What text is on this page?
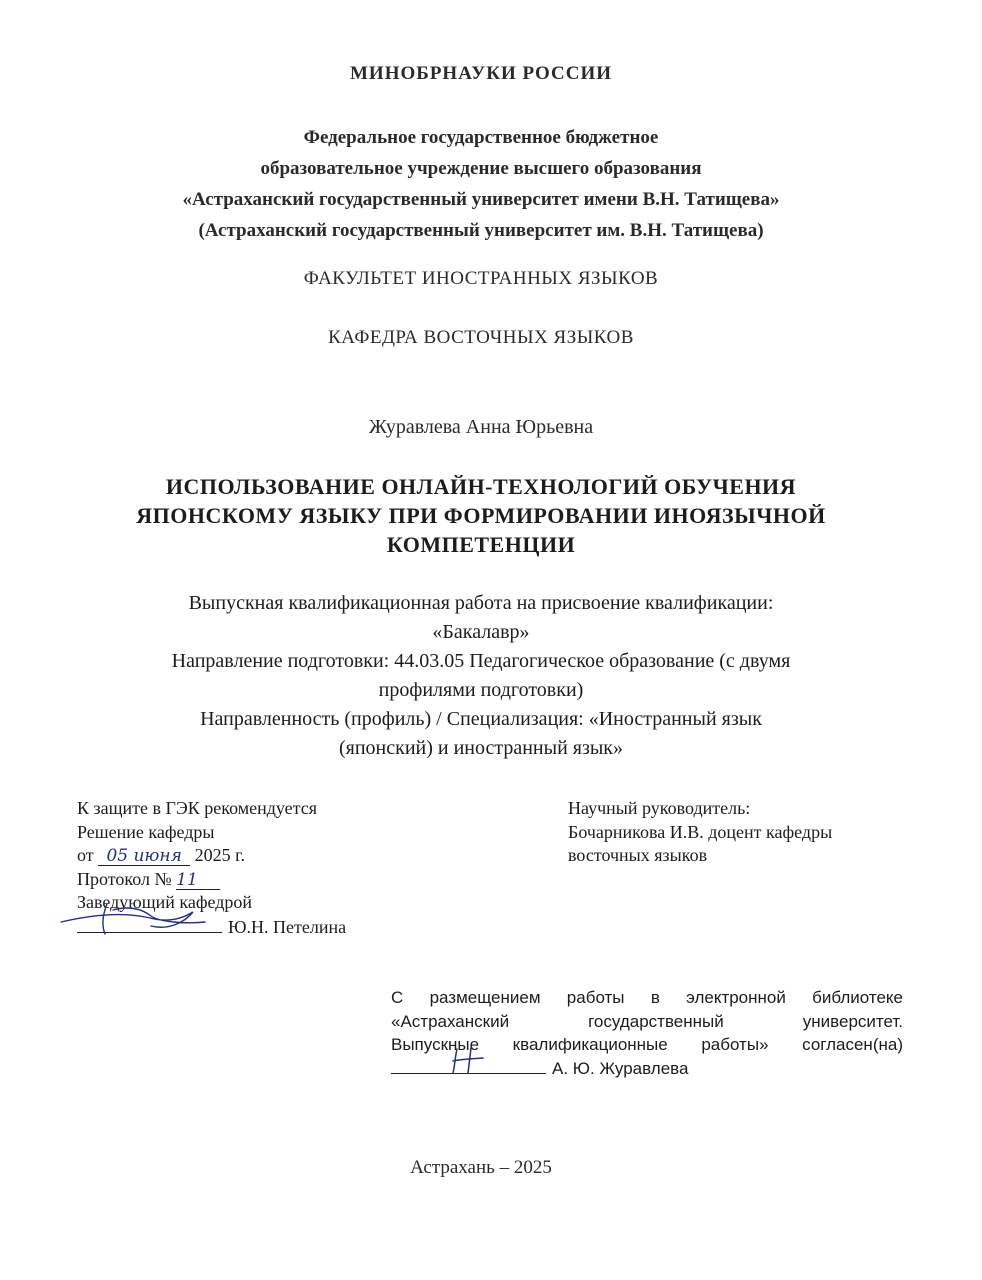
МИНОБРНАУКИ РОССИИ
Федеральное государственное бюджетное
образовательное учреждение высшего образования
«Астраханский государственный университет имени В.Н. Татищева»
(Астраханский государственный университет им. В.Н. Татищева)
ФАКУЛЬТЕТ ИНОСТРАННЫХ ЯЗЫКОВ
КАФЕДРА ВОСТОЧНЫХ ЯЗЫКОВ
Журавлева Анна Юрьевна
ИСПОЛЬЗОВАНИЕ ОНЛАЙН-ТЕХНОЛОГИЙ ОБУЧЕНИЯ
ЯПОНСКОМУ ЯЗЫКУ ПРИ ФОРМИРОВАНИИ ИНОЯЗЫЧНОЙ
КОМПЕТЕНЦИИ
Выпускная квалификационная работа на присвоение квалификации:
«Бакалавр»
Направление подготовки: 44.03.05 Педагогическое образование (с двумя
профилями подготовки)
Направленность (профиль) / Специализация: «Иностранный язык
(японский) и иностранный язык»
К защите в ГЭК рекомендуется
Решение кафедры
от 05 июня 2025 г.
Протокол № 11
Заведующий кафедрой
Ю.Н. Петелина
Научный руководитель:
Бочарникова И.В. доцент кафедры
восточных языков
С размещением работы в электронной библиотеке
«Астраханский государственный университет.
Выпускные квалификационные работы» согласен(на)
А. Ю. Журавлева
Астрахань – 2025
